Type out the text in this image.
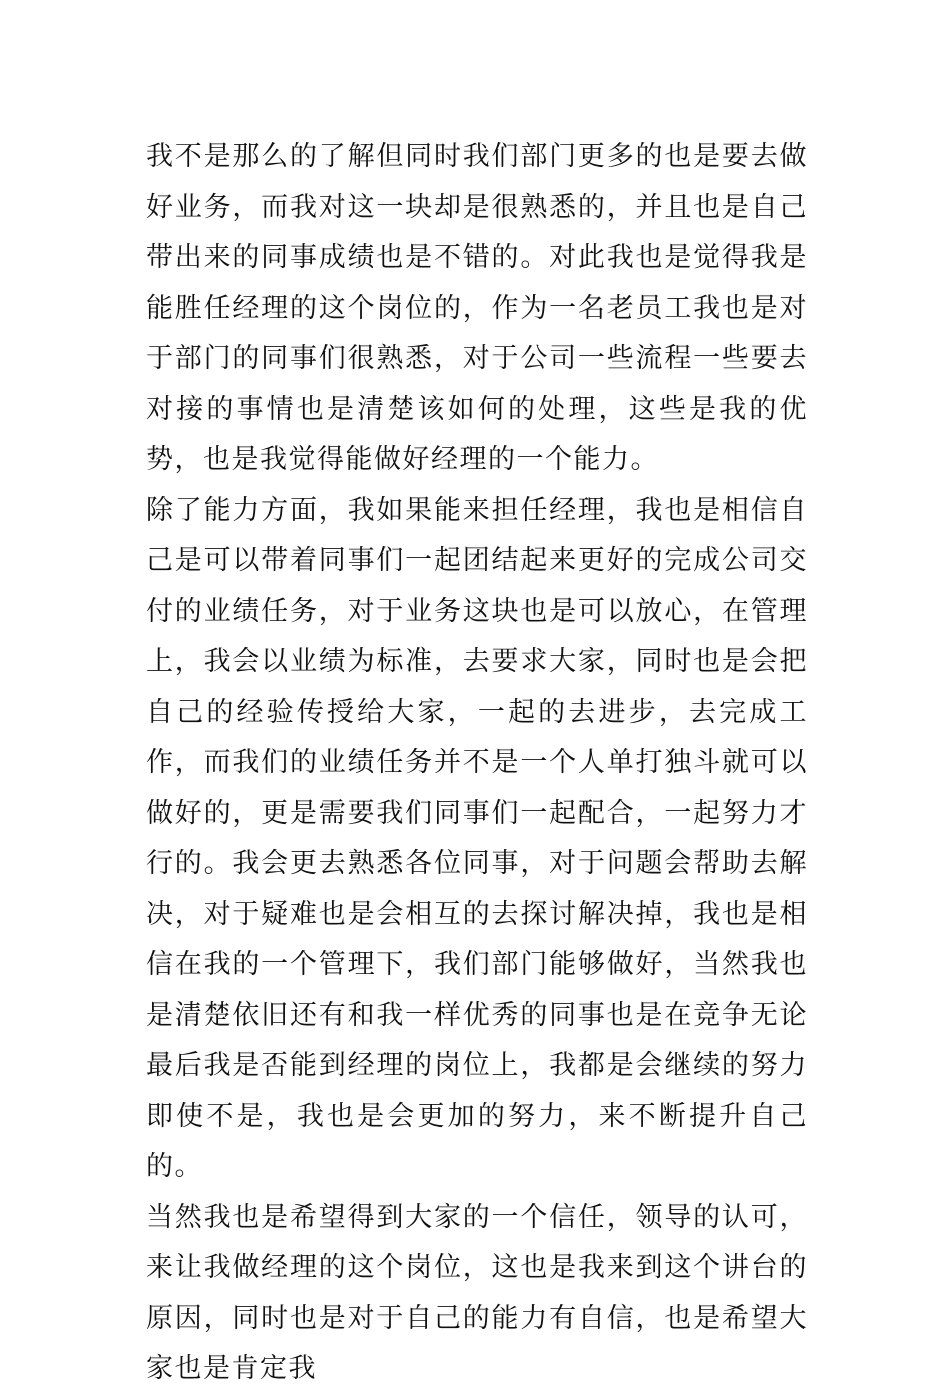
我不是那么的了解但同时我们部门更多的也是要去做好业务，而我对这一块却是很熟悉的，并且也是自己带出来的同事成绩也是不错的。对此我也是觉得我是能胜任经理的这个岗位的，作为一名老员工我也是对于部门的同事们很熟悉，对于公司一些流程一些要去对接的事情也是清楚该如何的处理，这些是我的优势，也是我觉得能做好经理的一个能力。

除了能力方面，我如果能来担任经理，我也是相信自己是可以带着同事们一起团结起来更好的完成公司交付的业绩任务，对于业务这块也是可以放心，在管理上，我会以业绩为标准，去要求大家，同时也是会把自己的经验传授给大家，一起的去进步，去完成工作，而我们的业绩任务并不是一个人单打独斗就可以做好的，更是需要我们同事们一起配合，一起努力才行的。我会更去熟悉各位同事，对于问题会帮助去解决，对于疑难也是会相互的去探讨解决掉，我也是相信在我的一个管理下，我们部门能够做好，当然我也是清楚依旧还有和我一样优秀的同事也是在竞争无论最后我是否能到经理的岗位上，我都是会继续的努力即使不是，我也是会更加的努力，来不断提升自己的。

当然我也是希望得到大家的一个信任，领导的认可，来让我做经理的这个岗位，这也是我来到这个讲台的原因，同时也是对于自己的能力有自信，也是希望大家也是肯定我
